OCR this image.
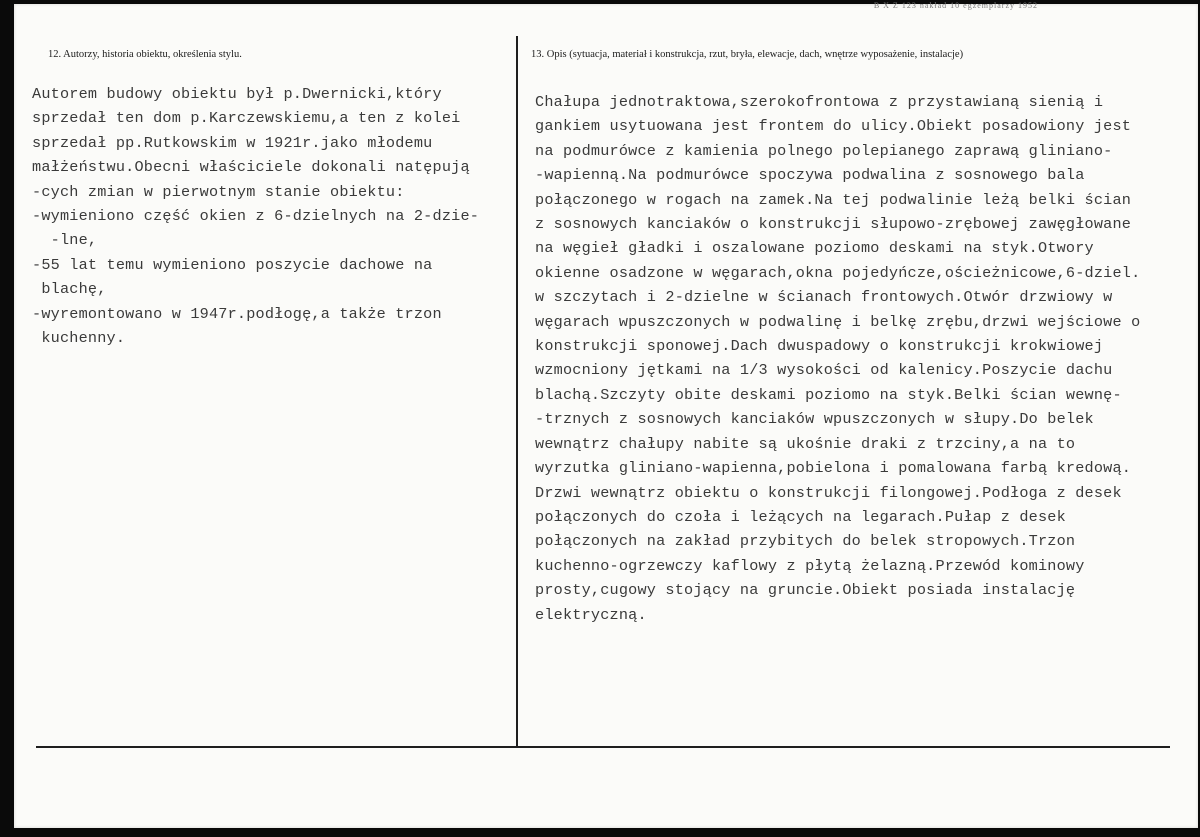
B X Z 123 nakład 10 egzemplarzy 1952
12. Autorzy, historia obiektu, określenia stylu.	13. Opis (sytuacja, materiał i konstrukcja, rzut, bryła, elewacje, dach, wnętrze wyposażenie, instalacje)
Autorem budowy obiektu był p.Dwernicki,który
sprzedał ten dom p.Karczewskiemu,a ten z kolei
sprzedał pp.Rutkowskim w 1921r.jako młodemu
małżeństwu.Obecni właściciele dokonali natępują
-cych zmian w pierwotnym stanie obiektu:
-wymieniono część okien z 6-dzielnych na 2-dzie-
-lne,
-55 lat temu wymieniono poszycie dachowe na
blachę,
-wyremontowano w 1947r.podłogę,a także trzon
kuchenny.
Chałupa jednotraktowa,szerokofrontowa z przystawianą sienią i
gankiem usytuowana jest frontem do ulicy.Obiekt posadowiony jest
na podmurówce z kamienia polnego polepianego zaprawą gliniano-
-wapienną.Na podmurówce spoczywa podwalina z sosnowego bala
połączonego w rogach na zamek.Na tej podwalinie leżą belki ścian
z sosnowych kanciaków o konstrukcji słupowo-zrębowej zawęgłowane
na węgieł gładki i oszalowane poziomo deskami na styk.Otwory
okienne osadzone w węgarach,okna pojedyńcze,ościeżnicowe,6-dziel.
w szczytach i 2-dzielne w ścianach frontowych.Otwór drzwiowy w
węgarach wpuszczonych w podwalinę i belkę zrębu,drzwi wejściowe o
konstrukcji sponowej.Dach dwuspadowy o konstrukcji krokwiowej
wzmocniony jętkami na 1/3 wysokości od kalenicy.Poszycie dachu
blachą.Szczyty obite deskami poziomo na styk.Belki ścian wewnę-
-trznych z sosnowych kanciaków wpuszczonych w słupy.Do belek
wewnątrz chałupy nabite są ukośnie draki z trzciny,a na to
wyrzutka gliniano-wapienna,pobielona i pomalowana farbą kredową.
Drzwi wewnątrz obiektu o konstrukcji filongowej.Podłoga z desek
połączonych do czoła i leżących na legarach.Pułap z desek
połączonych na zakład przybitych do belek stropowych.Trzon
kuchenno-ogrzewczy kaflowy z płytą żelazną.Przewód kominowy
prosty,cugowy stojący na gruncie.Obiekt posiada instalację
elektryczną.
